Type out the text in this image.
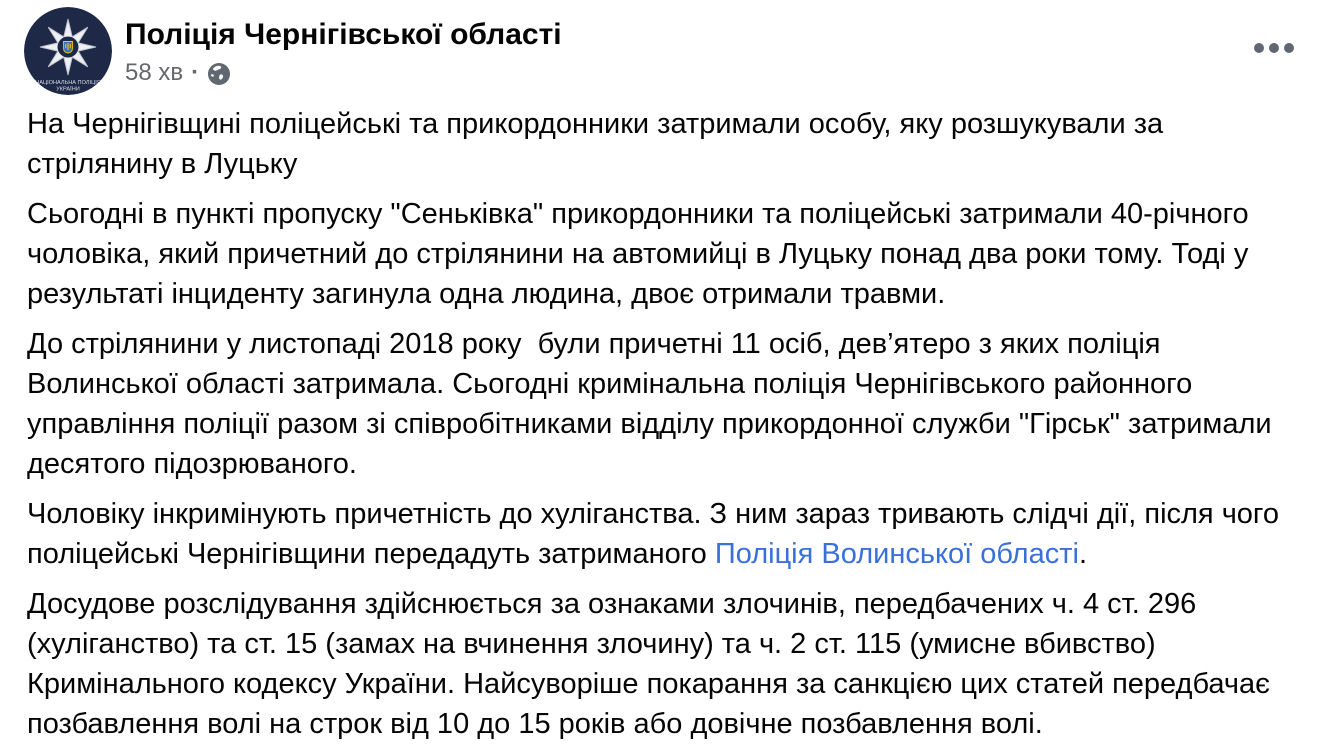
НАЦІОНАЛЬНА ПОЛІЦІЯ
УКРАЇНИ
Поліція Чернігівської області
58 хв ·

На Чернігівщині поліцейські та прикордонники затримали особу, яку розшукували за стрілянину в Луцьку

Сьогодні в пункті пропуску "Сеньківка" прикордонники та поліцейські затримали 40-річного чоловіка, який причетний до стрілянини на автомийці в Луцьку понад два роки тому. Тоді у  результаті інциденту загинула одна людина, двоє отримали травми.

До стрілянини у листопаді 2018 року  були причетні 11 осіб, дев’ятеро з яких поліція Волинської області затримала. Сьогодні кримінальна поліція Чернігівського районного управління поліції разом зі співробітниками відділу прикордонної служби "Гірськ" затримали десятого підозрюваного.

Чоловіку інкримінують причетність до хуліганства. З ним зараз тривають слідчі дії, після чого поліцейські Чернігівщини передадуть затриманого Поліція Волинської області.

Досудове розслідування здійснюється за ознаками злочинів, передбачених ч. 4 ст. 296 (хуліганство) та ст. 15 (замах на вчинення злочину) та ч. 2 ст. 115 (умисне вбивство) Кримінального кодексу України. Найсуворіше покарання за санкцією цих статей передбачає позбавлення волі на строк від 10 до 15 років або довічне позбавлення волі.
